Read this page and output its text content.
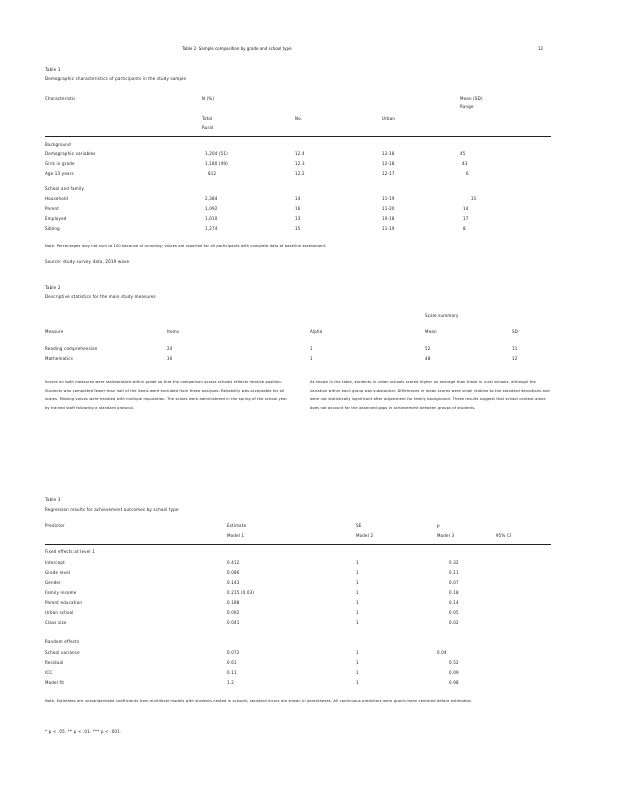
Table 2. Sample composition by grade and school type	12
Table 1
Demographic characteristics of participants in the study sample
Characteristic	N (%)	Mean (SD)
Range
Total	No.	Urban
Rural
Background
Demographic variables	1,204 (51)	12.4	12-18	45
Girls in grade	1,180 (49)	12.3	12-18	43
Age 13 years	812	12.2	12-17	6
School and family
Household	2,384	14	11-19	31
Parent	1,092	16	11-20	14
Employed	1,010	13	10-18	17
Sibling	1,274	15	11-19	8
Note. Percentages may not sum to 100 because of rounding; values are reported for all participants with complete data at baseline assessment.
Source: study survey data, 2019 wave.
Table 2
Descriptive statistics for the main study measures
Scale summary
Measure	Items	Alpha	Mean	SD
Reading comprehension	24	1	52	11
Mathematics	30	1	48	12
Scores on both measures were standardized within grade so that the comparison across schools reflects relative position. Students who completed fewer than half of the items were excluded from these analyses. Reliability was acceptable for all scales. Missing values were handled with multiple imputation. The scales were administered in the spring of the school year by trained staff following a standard protocol.
As shown in the table, students in urban schools scored higher on average than those in rural schools, although the variation within each group was substantial. Differences in mean scores were small relative to the standard deviations and were not statistically significant after adjustment for family background. These results suggest that school context alone does not account for the observed gaps in achievement between groups of students.
Table 3
Regression results for achievement outcomes by school type
Predictor	Estimate	SE	p
Model 1	Model 2	Model 3	95% CI
Fixed effects at level 1
Intercept	0.412	1	0.32
Grade level	0.086	1	0.11
Gender	0.143	1	0.07
Family income	0.215 (0.03)	1	0.18
Parent education	0.188	1	0.14
Urban school	0.092	1	0.05
Class size	0.041	1	0.02
Random effects
School variance	0.072	1	0.04
Residual	0.61	1	0.52
ICC	0.11	1	0.09
Model fit	1.2	1	0.98
Note. Estimates are unstandardized coefficients from multilevel models with students nested in schools; standard errors are shown in parentheses. All continuous predictors were grand-mean centered before estimation.
* p < .05. ** p < .01. *** p < .001.
